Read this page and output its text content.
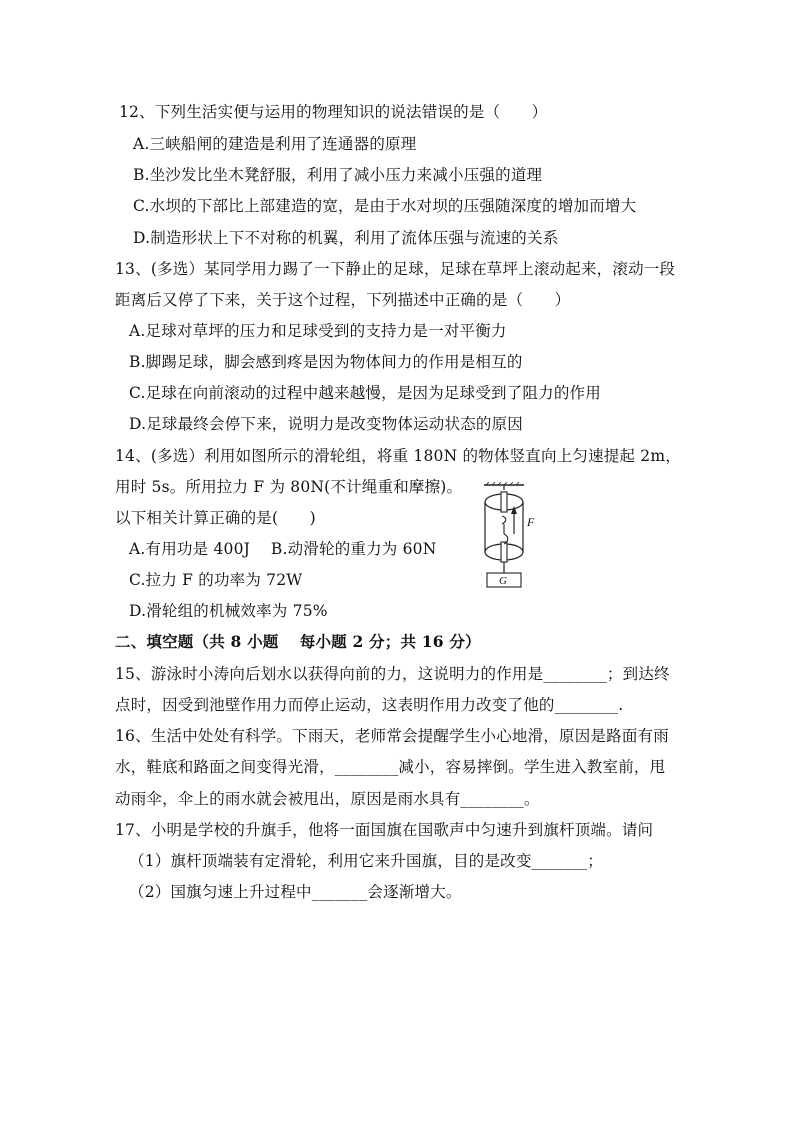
12、下列生活实便与运用的物理知识的说法错误的是（　　）
A.三峡船闸的建造是利用了连通器的原理
B.坐沙发比坐木凳舒服，利用了减小压力来减小压强的道理
C.水坝的下部比上部建造的宽，是由于水对坝的压强随深度的增加而增大
D.制造形状上下不对称的机翼，利用了流体压强与流速的关系
13、(多选）某同学用力踢了一下静止的足球，足球在草坪上滚动起来，滚动一段
距离后又停了下来，关于这个过程，下列描述中正确的是（　　）
A.足球对草坪的压力和足球受到的支持力是一对平衡力
B.脚踢足球，脚会感到疼是因为物体间力的作用是相互的
C.足球在向前滚动的过程中越来越慢，是因为足球受到了阻力的作用
D.足球最终会停下来，说明力是改变物体运动状态的原因
14、(多选）利用如图所示的滑轮组，将重 180N 的物体竖直向上匀速提起 2m，
用时 5s。所用拉力 F 为 80N(不计绳重和摩擦)。
以下相关计算正确的是(　　)
A.有用功是 400J　 B.动滑轮的重力为 60N
C.拉力 F 的功率为 72W
D.滑轮组的机械效率为 75%
F
G
二、填空题（共 8 小题　 每小题 2 分；共 16 分）
15、游泳时小涛向后划水以获得向前的力，这说明力的作用是________；到达终
点时，因受到池壁作用力而停止运动，这表明作用力改变了他的________.
16、生活中处处有科学。下雨天，老师常会提醒学生小心地滑，原因是路面有雨
水，鞋底和路面之间变得光滑，________减小，容易摔倒。学生进入教室前，甩
动雨伞，伞上的雨水就会被甩出，原因是雨水具有________。
17、小明是学校的升旗手，他将一面国旗在国歌声中匀速升到旗杆顶端。请问
（1）旗杆顶端装有定滑轮，利用它来升国旗，目的是改变_______；
（2）国旗匀速上升过程中_______会逐渐增大。
